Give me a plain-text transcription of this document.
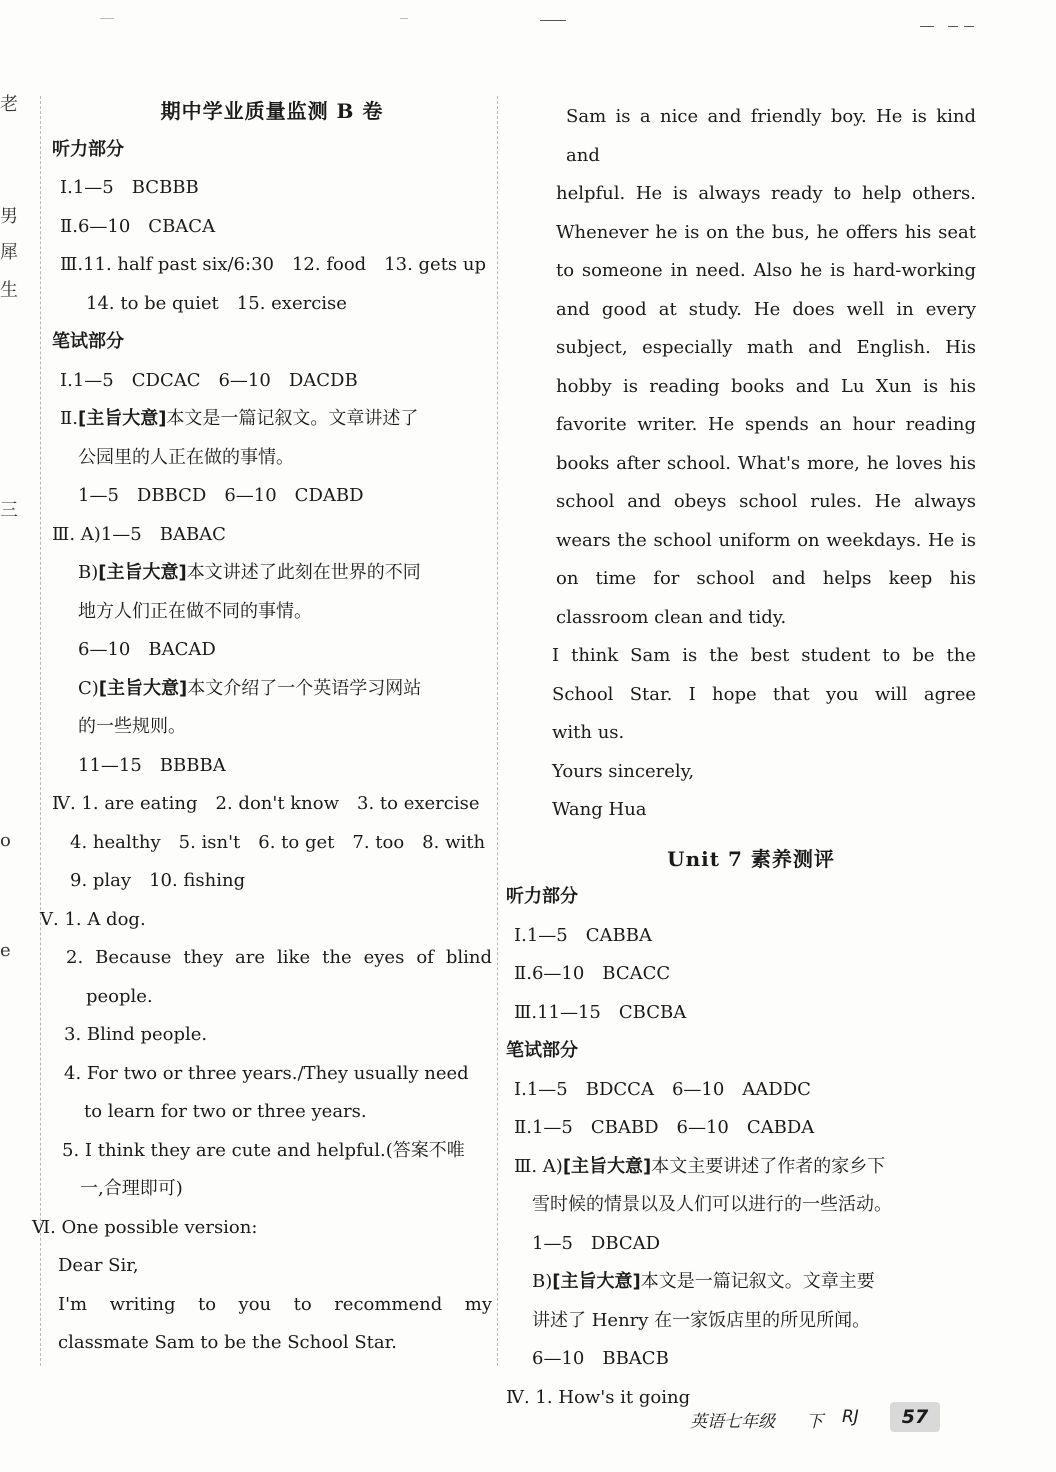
老
男
犀
生
三
o
e
期中学业质量监测 B 卷
听力部分
Ⅰ.1—5　BCBBB
Ⅱ.6—10　CBACA
Ⅲ.11. half past six/6:30　12. food　13. gets up
14. to be quiet　15. exercise
笔试部分
Ⅰ.1—5　CDCAC　6—10　DACDB
Ⅱ.[主旨大意]本文是一篇记叙文。文章讲述了
公园里的人正在做的事情。
1—5　DBBCD　6—10　CDABD
Ⅲ. A)1—5　BABAC
B)[主旨大意]本文讲述了此刻在世界的不同
地方人们正在做不同的事情。
6—10　BACAD
C)[主旨大意]本文介绍了一个英语学习网站
的一些规则。
11—15　BBBBA
Ⅳ. 1. are eating　2. don't know　3. to exercise
4. healthy　5. isn't　6. to get　7. too　8. with
9. play　10. fishing
Ⅴ. 1. A dog.
2. Because they are like the eyes of blind
people.
3. Blind people.
4. For two or three years./They usually need
to learn for two or three years.
5. I think they are cute and helpful.(答案不唯
一,合理即可)
Ⅵ. One possible version:
Dear Sir,
I'm writing to you to recommend my
classmate Sam to be the School Star.
Sam is a nice and friendly boy. He is kind and
helpful. He is always ready to help others.
Whenever he is on the bus, he offers his seat
to someone in need. Also he is hard-working
and good at study. He does well in every
subject, especially math and English. His
hobby is reading books and Lu Xun is his
favorite writer. He spends an hour reading
books after school. What's more, he loves his
school and obeys school rules. He always
wears the school uniform on weekdays. He is
on time for school and helps keep his
classroom clean and tidy.
I think Sam is the best student to be the
School Star. I hope that you will agree
with us.
Yours sincerely,
Wang Hua
Unit 7 素养测评
听力部分
Ⅰ.1—5　CABBA
Ⅱ.6—10　BCACC
Ⅲ.11—15　CBCBA
笔试部分
Ⅰ.1—5　BDCCA　6—10　AADDC
Ⅱ.1—5　CBABD　6—10　CABDA
Ⅲ. A)[主旨大意]本文主要讲述了作者的家乡下
雪时候的情景以及人们可以进行的一些活动。
1—5　DBCAD
B)[主旨大意]本文是一篇记叙文。文章主要
讲述了 Henry 在一家饭店里的所见所闻。
6—10　BBACB
Ⅳ. 1. How's it going
英语七年级 下 RJ	57
